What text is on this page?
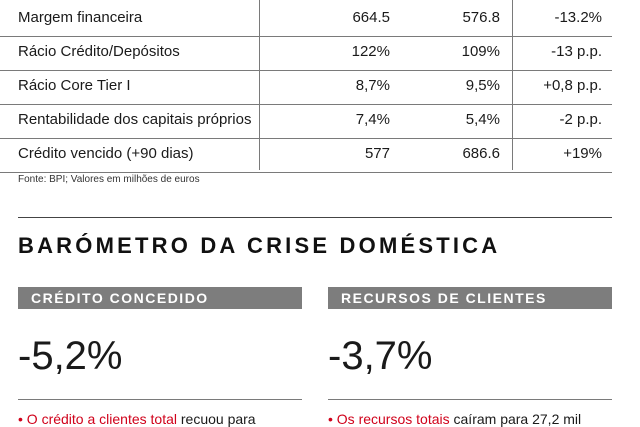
Margem financeira	664.5	576.8	-13.2%
Rácio Crédito/Depósitos	122%	109%	-13 p.p.
Rácio Core Tier I	8,7%	9,5%	+0,8 p.p.
Rentabilidade dos capitais próprios	7,4%	5,4%	-2 p.p.
Crédito vencido (+90 dias)	577	686.6	+19%
Fonte: BPI; Valores em milhões de euros
BARÓMETRO DA CRISE DOMÉSTICA
CRÉDITO CONCEDIDO
-5,2%
• O crédito a clientes total recuou para
RECURSOS DE CLIENTES
-3,7%
• Os recursos totais caíram para 27,2 mil
